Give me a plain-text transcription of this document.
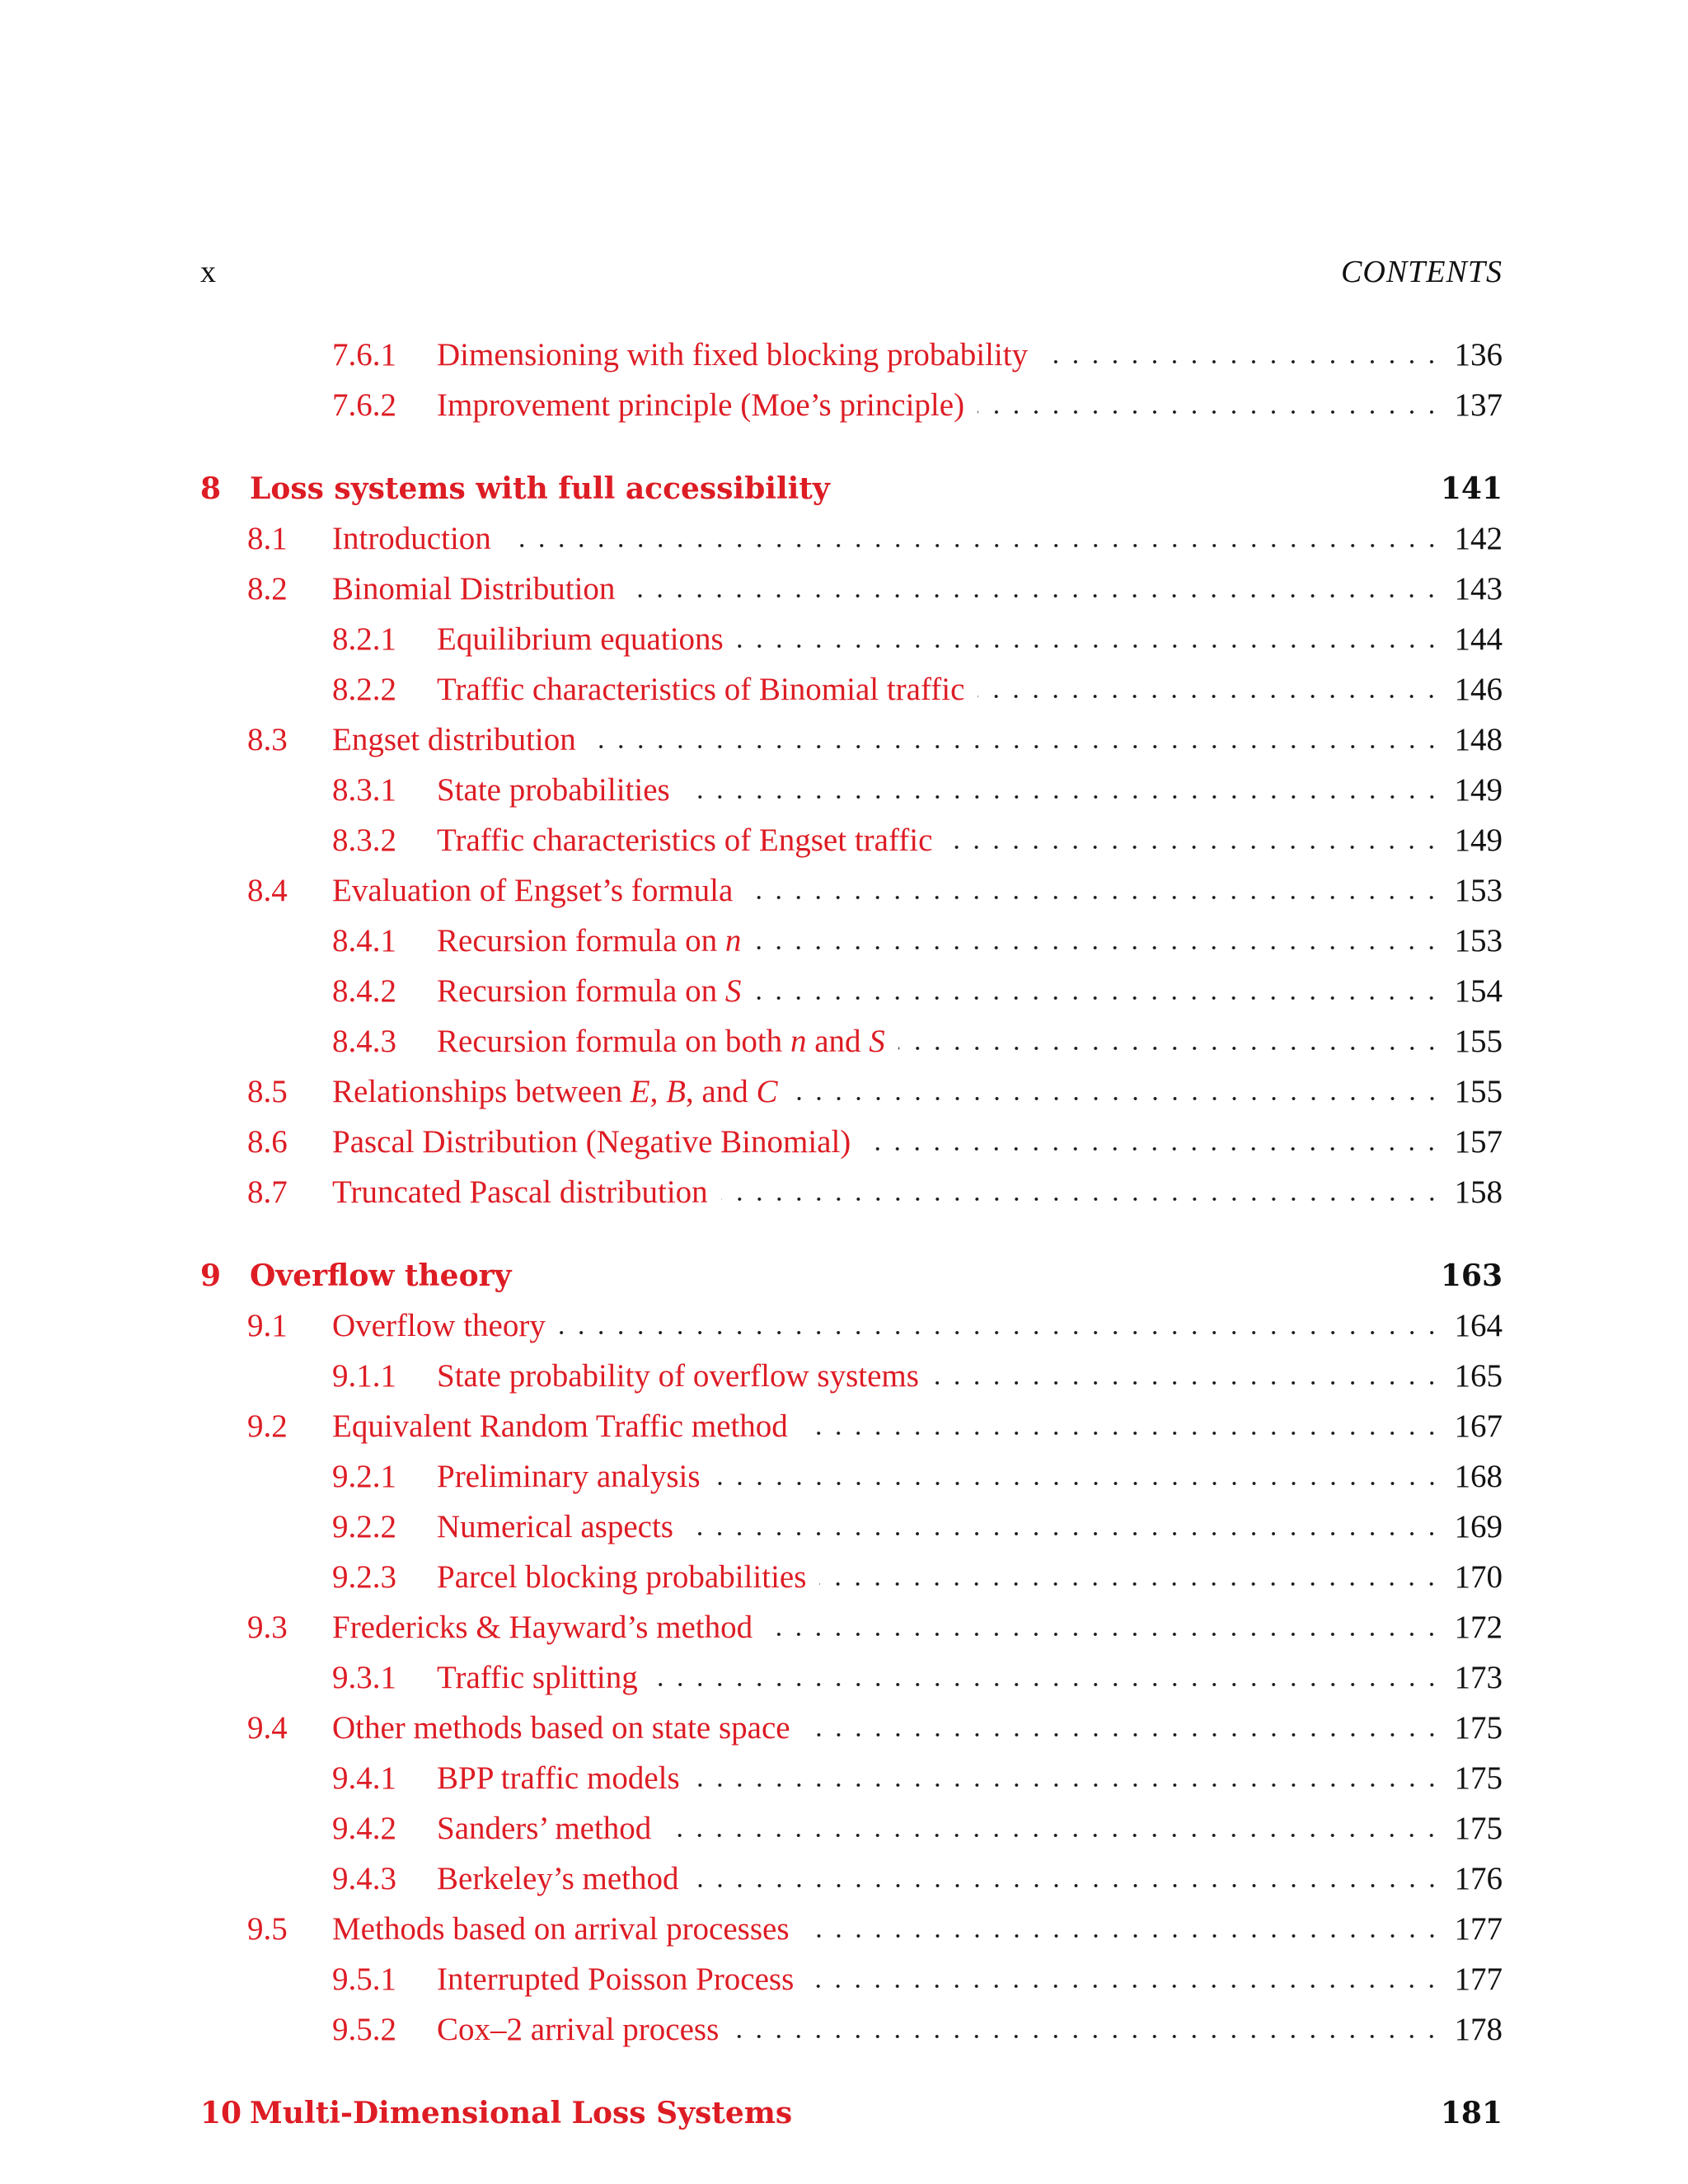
x	CONTENTS
7.6.1	Dimensioning with fixed blocking probability	136
7.6.2	Improvement principle (Moe’s principle)	137
8 Loss systems with full accessibility	141
8.1	Introduction	142
8.2	Binomial Distribution	143
8.2.1	Equilibrium equations	144
8.2.2	Traffic characteristics of Binomial traffic	146
8.3	Engset distribution	148
8.3.1	State probabilities	149
8.3.2	Traffic characteristics of Engset traffic	149
8.4	Evaluation of Engset’s formula	153
8.4.1	Recursion formula on n	153
8.4.2	Recursion formula on S	154
8.4.3	Recursion formula on both n and S	155
8.5	Relationships between E, B, and C	155
8.6	Pascal Distribution (Negative Binomial)	157
8.7	Truncated Pascal distribution	158
9 Overflow theory	163
9.1	Overflow theory	164
9.1.1	State probability of overflow systems	165
9.2	Equivalent Random Traffic method	167
9.2.1	Preliminary analysis	168
9.2.2	Numerical aspects	169
9.2.3	Parcel blocking probabilities	170
9.3	Fredericks & Hayward’s method	172
9.3.1	Traffic splitting	173
9.4	Other methods based on state space	175
9.4.1	BPP traffic models	175
9.4.2	Sanders’ method	175
9.4.3	Berkeley’s method	176
9.5	Methods based on arrival processes	177
9.5.1	Interrupted Poisson Process	177
9.5.2	Cox–2 arrival process	178
10 Multi-Dimensional Loss Systems	181
